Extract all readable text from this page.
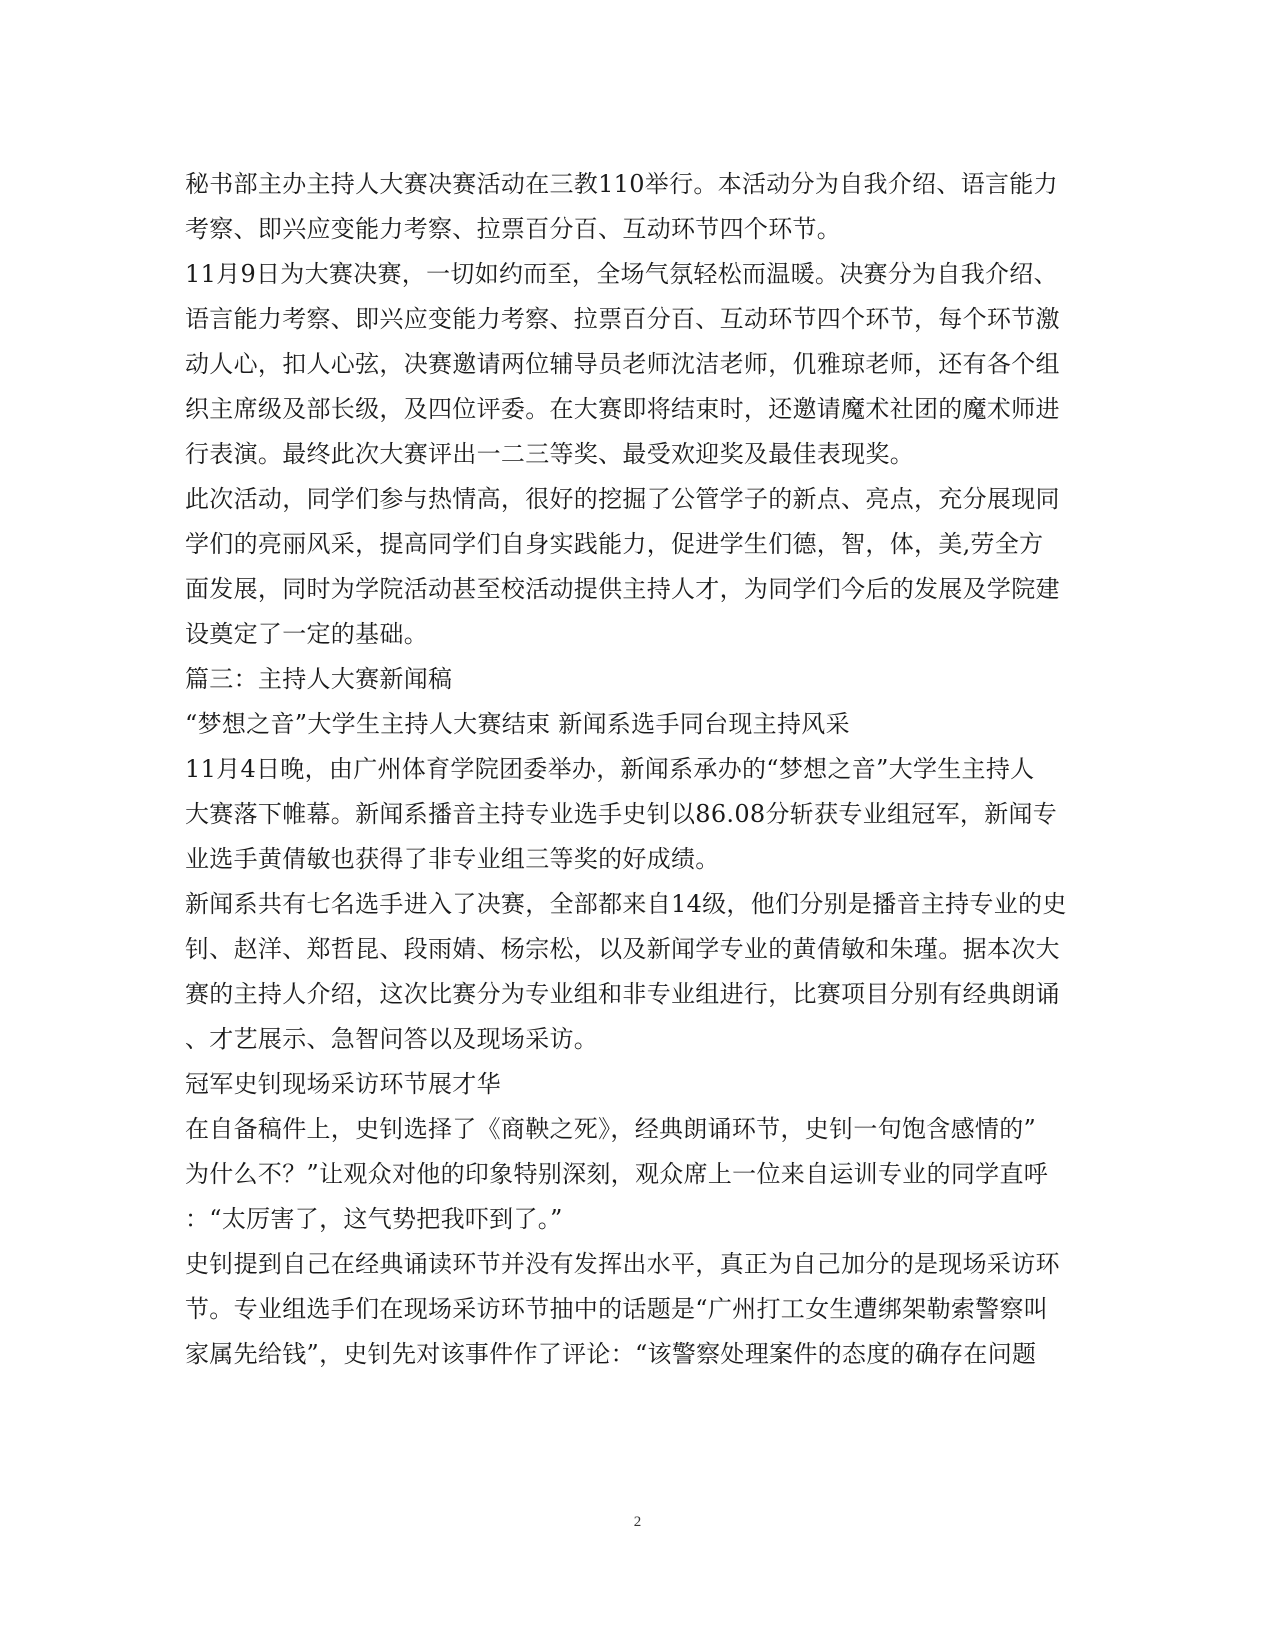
秘书部主办主持人大赛决赛活动在三教110举行。本活动分为自我介绍、语言能力
考察、即兴应变能力考察、拉票百分百、互动环节四个环节。
11月9日为大赛决赛，一切如约而至，全场气氛轻松而温暖。决赛分为自我介绍、
语言能力考察、即兴应变能力考察、拉票百分百、互动环节四个环节，每个环节激
动人心，扣人心弦，决赛邀请两位辅导员老师沈洁老师，仉雅琼老师，还有各个组
织主席级及部长级，及四位评委。在大赛即将结束时，还邀请魔术社团的魔术师进
行表演。最终此次大赛评出一二三等奖、最受欢迎奖及最佳表现奖。
此次活动，同学们参与热情高，很好的挖掘了公管学子的新点、亮点，充分展现同
学们的亮丽风采，提高同学们自身实践能力，促进学生们德，智，体，美,劳全方
面发展，同时为学院活动甚至校活动提供主持人才，为同学们今后的发展及学院建
设奠定了一定的基础。
篇三：主持人大赛新闻稿
“梦想之音”大学生主持人大赛结束 新闻系选手同台现主持风采
11月4日晚，由广州体育学院团委举办，新闻系承办的“梦想之音”大学生主持人
大赛落下帷幕。新闻系播音主持专业选手史钊以86.08分斩获专业组冠军，新闻专
业选手黄倩敏也获得了非专业组三等奖的好成绩。
新闻系共有七名选手进入了决赛，全部都来自14级，他们分别是播音主持专业的史
钊、赵洋、郑哲昆、段雨婧、杨宗松，以及新闻学专业的黄倩敏和朱瑾。据本次大
赛的主持人介绍，这次比赛分为专业组和非专业组进行，比赛项目分别有经典朗诵
、才艺展示、急智问答以及现场采访。
冠军史钊现场采访环节展才华
在自备稿件上，史钊选择了《商鞅之死》，经典朗诵环节，史钊一句饱含感情的”
为什么不？”让观众对他的印象特别深刻，观众席上一位来自运训专业的同学直呼
：“太厉害了，这气势把我吓到了。”
史钊提到自己在经典诵读环节并没有发挥出水平，真正为自己加分的是现场采访环
节。专业组选手们在现场采访环节抽中的话题是“广州打工女生遭绑架勒索警察叫
家属先给钱”，史钊先对该事件作了评论：“该警察处理案件的态度的确存在问题
2
